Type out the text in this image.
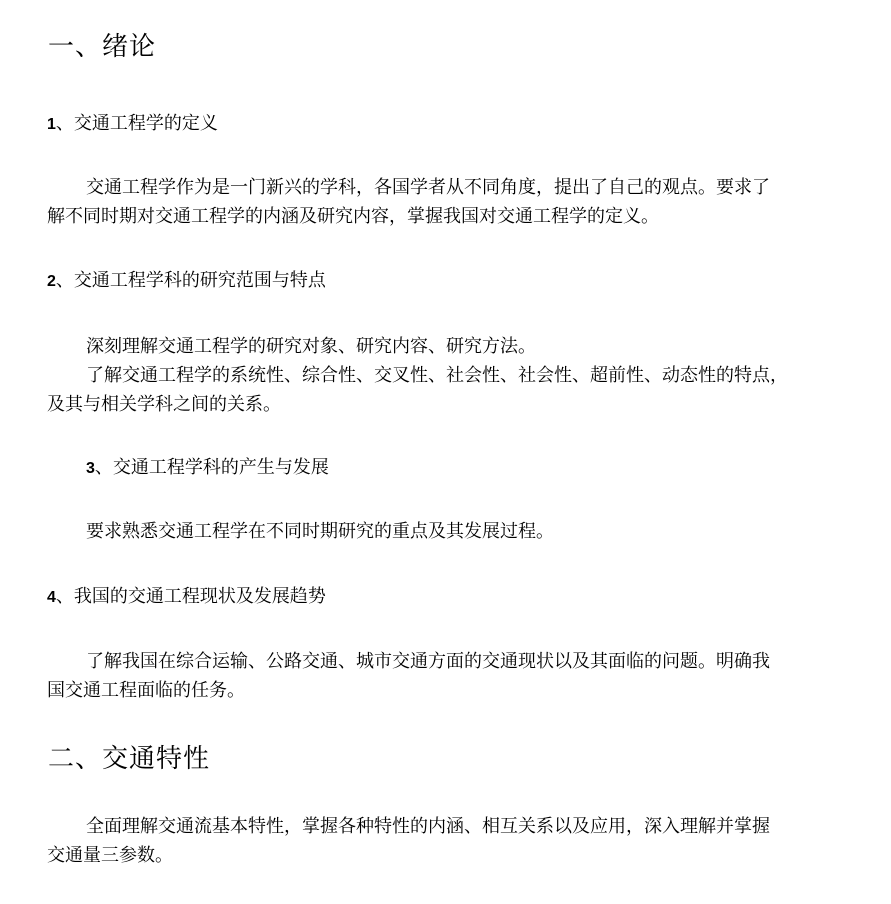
一、绪论
1、交通工程学的定义
交通工程学作为是一门新兴的学科，各国学者从不同角度，提出了自己的观点。要求了
解不同时期对交通工程学的内涵及研究内容，掌握我国对交通工程学的定义。
2、交通工程学科的研究范围与特点
深刻理解交通工程学的研究对象、研究内容、研究方法。
了解交通工程学的系统性、综合性、交叉性、社会性、社会性、超前性、动态性的特点，
及其与相关学科之间的关系。
3、交通工程学科的产生与发展
要求熟悉交通工程学在不同时期研究的重点及其发展过程。
4、我国的交通工程现状及发展趋势
了解我国在综合运输、公路交通、城市交通方面的交通现状以及其面临的问题。明确我
国交通工程面临的任务。
二、交通特性
全面理解交通流基本特性，掌握各种特性的内涵、相互关系以及应用，深入理解并掌握
交通量三参数。
